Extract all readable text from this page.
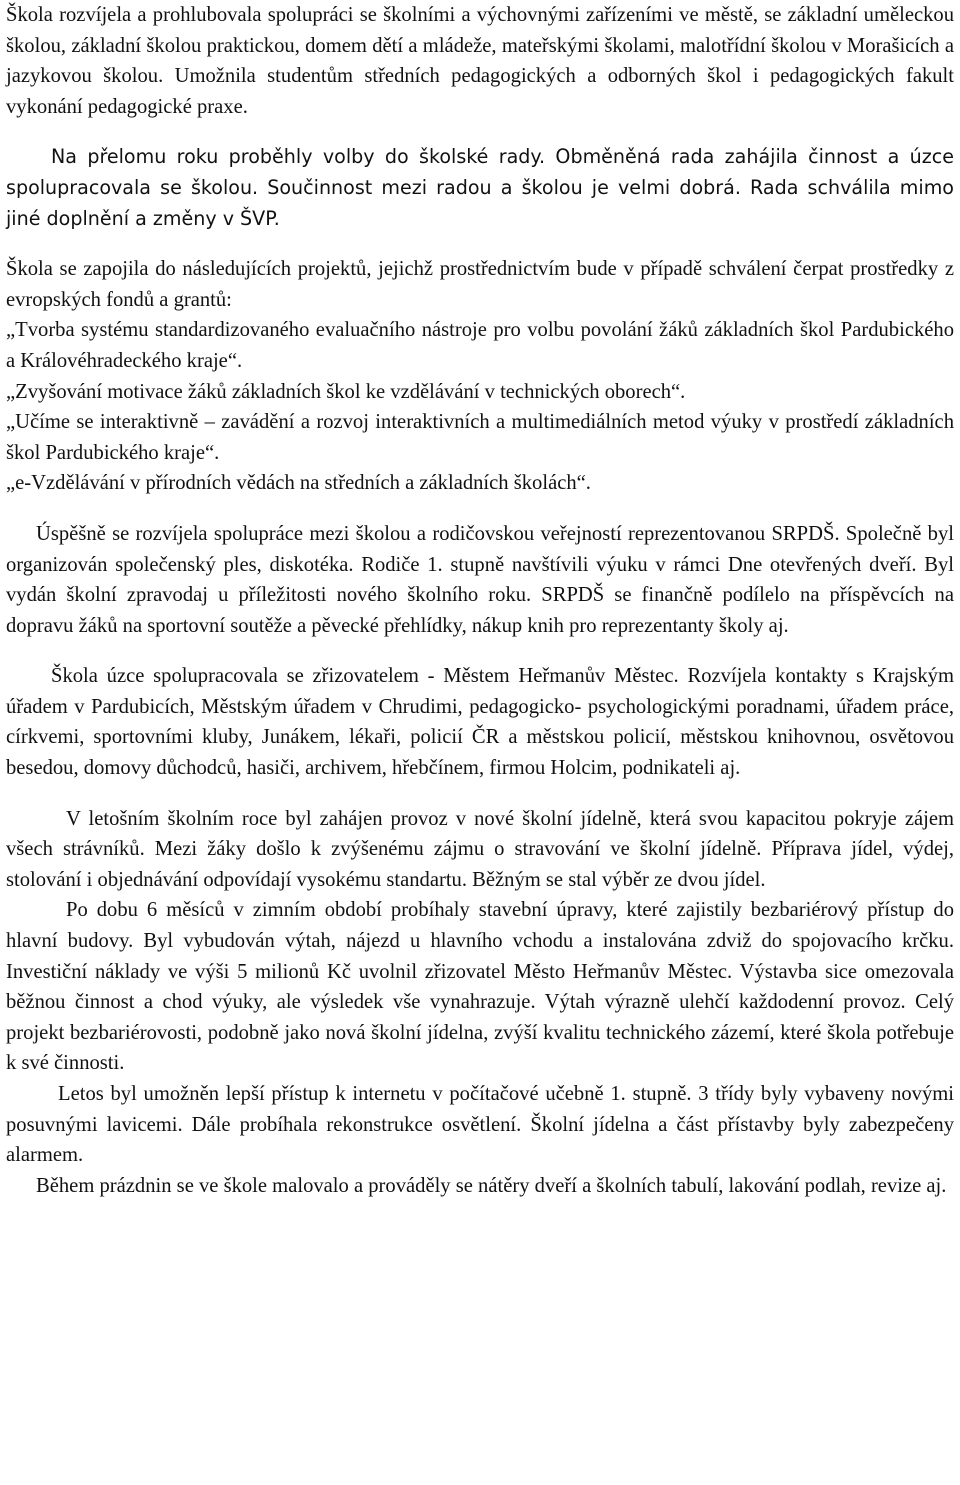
Škola rozvíjela a prohlubovala spolupráci se školními a výchovnými zařízeními ve městě, se základní uměleckou školou, základní školou praktickou, domem dětí a mládeže, mateřskými školami, malotřídní školou v Morašicích a jazykovou školou. Umožnila studentům středních pedagogických a odborných škol i pedagogických fakult vykonání pedagogické praxe.

Na přelomu roku proběhly volby do školské rady. Obměněná rada zahájila činnost a úzce spolupracovala se školou. Součinnost mezi radou a školou je velmi dobrá. Rada schválila mimo jiné doplnění a změny v ŠVP.

Škola se zapojila do následujících projektů, jejichž prostřednictvím bude v případě schválení čerpat prostředky z evropských fondů a grantů:

„Tvorba systému standardizovaného evaluačního nástroje pro volbu povolání žáků základních škol Pardubického a Královéhradeckého kraje“.

„Zvyšování motivace žáků základních škol ke vzdělávání v technických oborech“.

„Učíme se interaktivně – zavádění a rozvoj interaktivních a multimediálních metod výuky v prostředí základních škol Pardubického kraje“.

„e-Vzdělávání v přírodních vědách na středních a základních školách“.

Úspěšně se rozvíjela spolupráce mezi školou a rodičovskou veřejností reprezentovanou SRPDŠ. Společně byl organizován společenský ples, diskotéka. Rodiče 1. stupně navštívili výuku v rámci Dne otevřených dveří. Byl vydán školní zpravodaj u příležitosti nového školního roku. SRPDŠ se finančně podílelo na příspěvcích na dopravu žáků na sportovní soutěže a pěvecké přehlídky, nákup knih pro reprezentanty školy aj.

Škola úzce spolupracovala se zřizovatelem - Městem Heřmanův Městec. Rozvíjela kontakty s Krajským úřadem v Pardubicích, Městským úřadem v Chrudimi, pedagogicko- psychologickými poradnami, úřadem práce, církvemi, sportovními kluby, Junákem, lékaři, policií ČR a městskou policií, městskou knihovnou, osvětovou besedou, domovy důchodců, hasiči, archivem, hřebčínem, firmou Holcim, podnikateli aj.

V letošním školním roce byl zahájen provoz v nové školní jídelně, která svou kapacitou pokryje zájem všech strávníků. Mezi žáky došlo k zvýšenému zájmu o stravování ve školní jídelně. Příprava jídel, výdej, stolování i objednávání odpovídají vysokému standartu. Běžným se stal výběr ze dvou jídel.

Po dobu 6 měsíců v zimním období probíhaly stavební úpravy, které zajistily bezbariérový přístup do hlavní budovy. Byl vybudován výtah, nájezd u hlavního vchodu a instalována zdviž do spojovacího krčku. Investiční náklady ve výši 5 milionů Kč uvolnil zřizovatel Město Heřmanův Městec. Výstavba sice omezovala běžnou činnost a chod výuky, ale výsledek vše vynahrazuje. Výtah výrazně ulehčí každodenní provoz. Celý projekt bezbariérovosti, podobně jako nová školní jídelna, zvýší kvalitu technického zázemí, které škola potřebuje k své činnosti.

Letos byl umožněn lepší přístup k internetu v počítačové učebně 1. stupně. 3 třídy byly vybaveny novými posuvnými lavicemi. Dále probíhala rekonstrukce osvětlení. Školní jídelna a část přístavby byly zabezpečeny alarmem.

Během prázdnin se ve škole malovalo a prováděly se nátěry dveří a školních tabulí, lakování podlah, revize aj.
